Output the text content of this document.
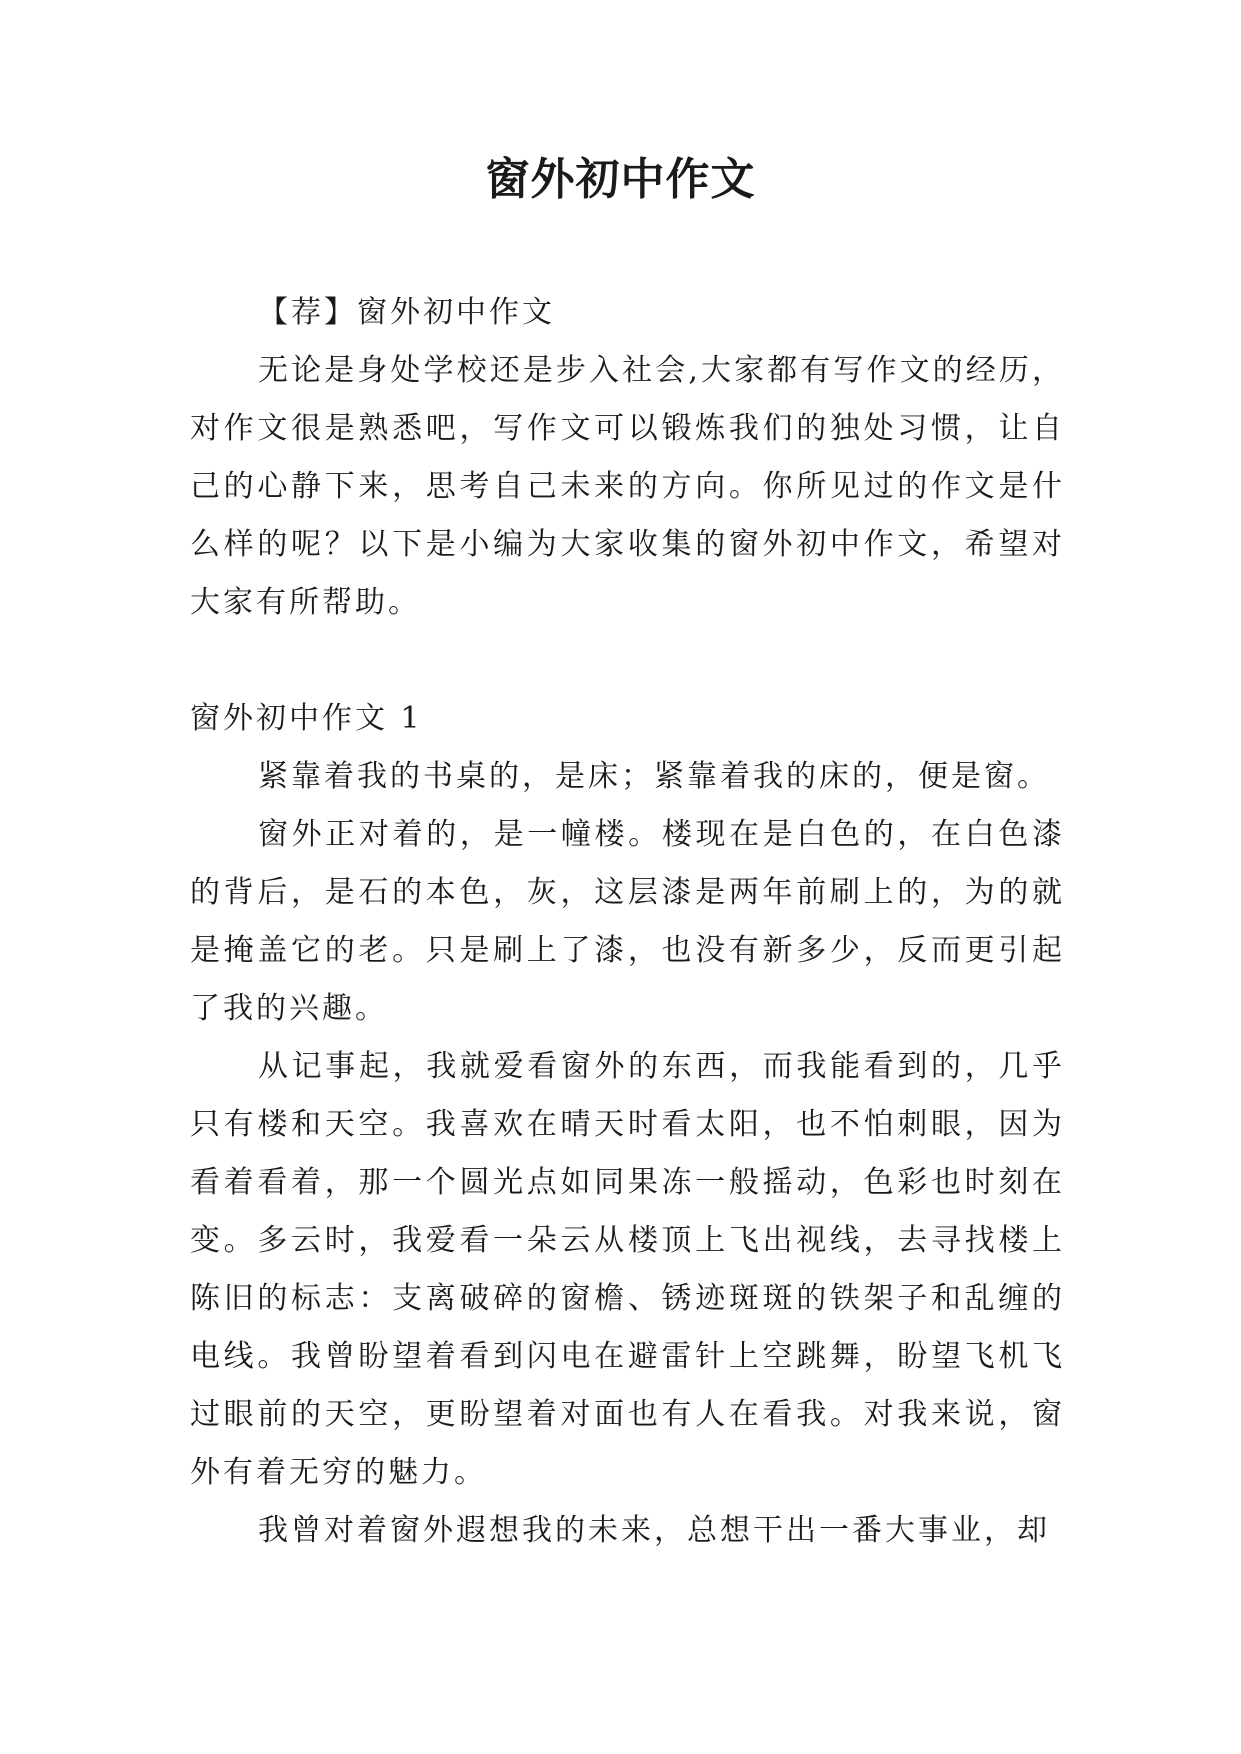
窗外初中作文

【荐】窗外初中作文

无论是身处学校还是步入社会,大家都有写作文的经历，对作文很是熟悉吧，写作文可以锻炼我们的独处习惯，让自己的心静下来，思考自己未来的方向。你所见过的作文是什么样的呢？以下是小编为大家收集的窗外初中作文，希望对大家有所帮助。

窗外初中作文 1

紧靠着我的书桌的，是床；紧靠着我的床的，便是窗。

窗外正对着的，是一幢楼。楼现在是白色的，在白色漆的背后，是石的本色，灰，这层漆是两年前刷上的，为的就是掩盖它的老。只是刷上了漆，也没有新多少，反而更引起了我的兴趣。

从记事起，我就爱看窗外的东西，而我能看到的，几乎只有楼和天空。我喜欢在晴天时看太阳，也不怕刺眼，因为看着看着，那一个圆光点如同果冻一般摇动，色彩也时刻在变。多云时，我爱看一朵云从楼顶上飞出视线，去寻找楼上陈旧的标志：支离破碎的窗檐、锈迹斑斑的铁架子和乱缠的电线。我曾盼望着看到闪电在避雷针上空跳舞，盼望飞机飞过眼前的天空，更盼望着对面也有人在看我。对我来说，窗外有着无穷的魅力。

我曾对着窗外遐想我的未来，总想干出一番大事业，却
